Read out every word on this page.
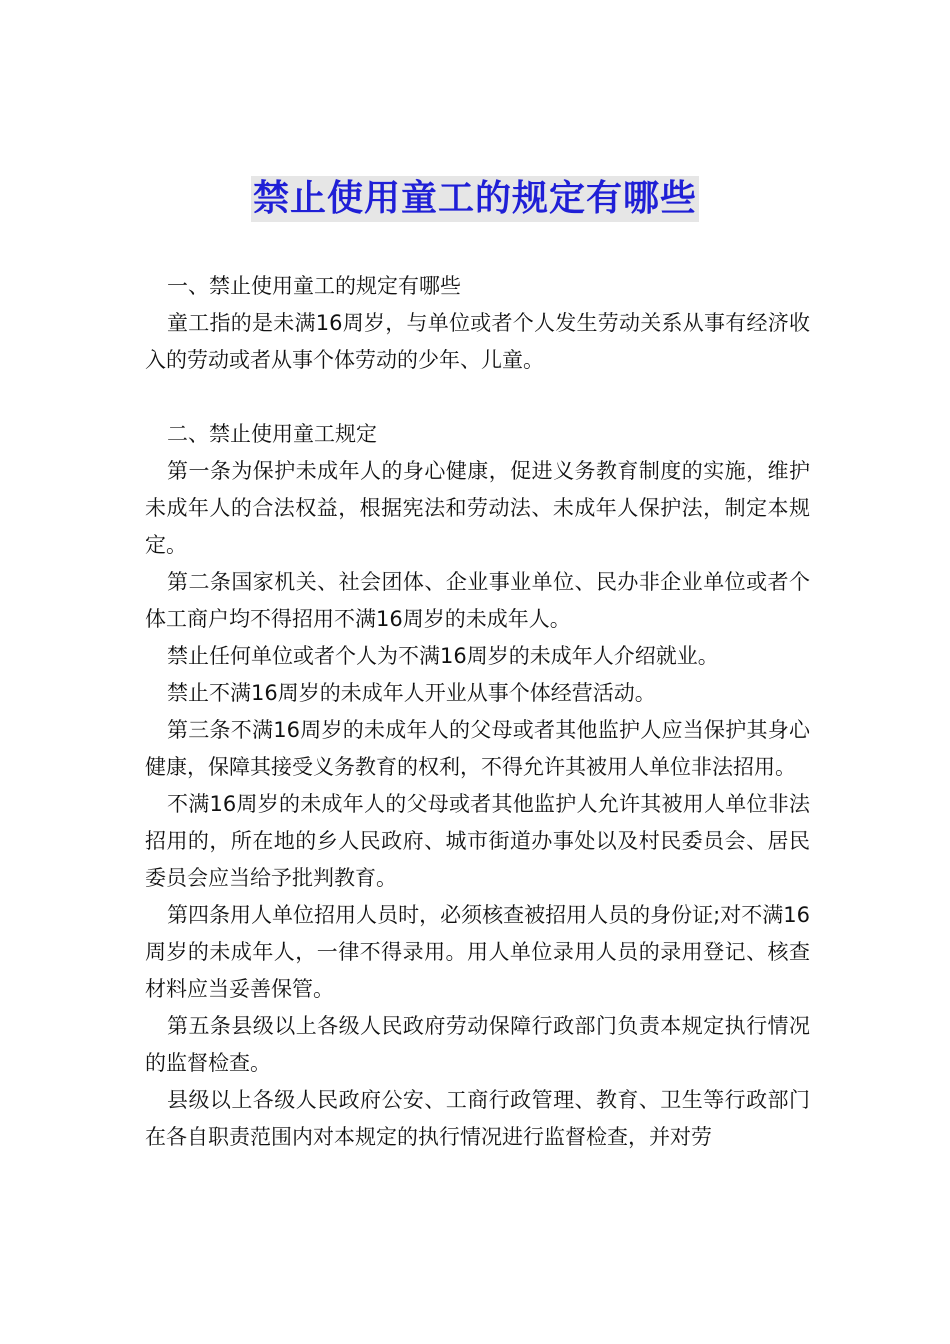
禁止使用童工的规定有哪些

一、禁止使用童工的规定有哪些

童工指的是未满16周岁，与单位或者个人发生劳动关系从事有经济收入的劳动或者从事个体劳动的少年、儿童。

二、禁止使用童工规定

第一条为保护未成年人的身心健康，促进义务教育制度的实施，维护未成年人的合法权益，根据宪法和劳动法、未成年人保护法，制定本规定。

第二条国家机关、社会团体、企业事业单位、民办非企业单位或者个体工商户均不得招用不满16周岁的未成年人。

禁止任何单位或者个人为不满16周岁的未成年人介绍就业。

禁止不满16周岁的未成年人开业从事个体经营活动。

第三条不满16周岁的未成年人的父母或者其他监护人应当保护其身心健康，保障其接受义务教育的权利，不得允许其被用人单位非法招用。

不满16周岁的未成年人的父母或者其他监护人允许其被用人单位非法招用的，所在地的乡人民政府、城市街道办事处以及村民委员会、居民委员会应当给予批判教育。

第四条用人单位招用人员时，必须核查被招用人员的身份证;对不满16周岁的未成年人，一律不得录用。用人单位录用人员的录用登记、核查材料应当妥善保管。

第五条县级以上各级人民政府劳动保障行政部门负责本规定执行情况的监督检查。

县级以上各级人民政府公安、工商行政管理、教育、卫生等行政部门在各自职责范围内对本规定的执行情况进行监督检查，并对劳
